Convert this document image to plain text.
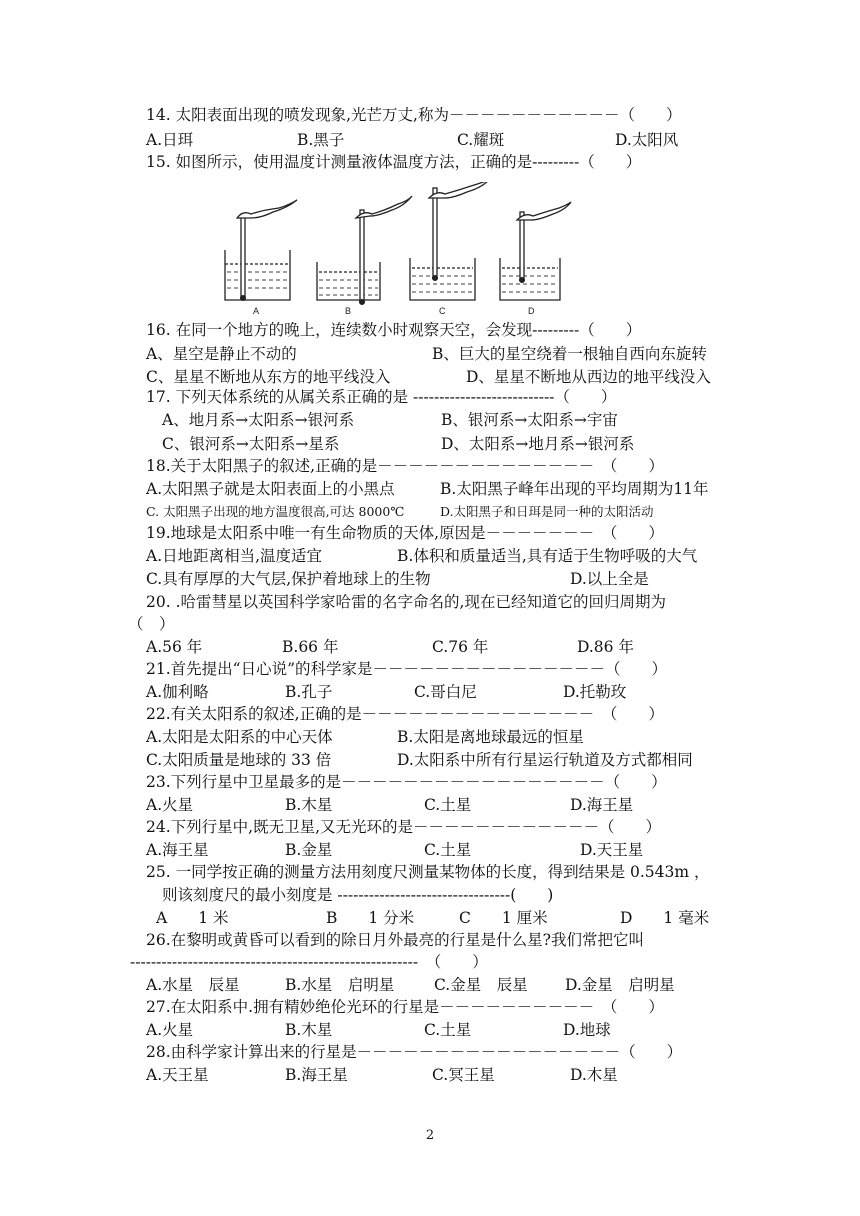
14. 太阳表面出现的喷发现象,光芒万丈,称为－－－－－－－－－－－（　　）
A.日珥	B.黑子	C.耀斑	D.太阳风
15. 如图所示，使用温度计测量液体温度方法，正确的是---------（　　）
A	B	C	D
16. 在同一个地方的晚上，连续数小时观察天空，会发现---------（　　）
A、星空是静止不动的	B、巨大的星空绕着一根轴自西向东旋转
C、星星不断地从东方的地平线没入	D、星星不断地从西边的地平线没入
17. 下列天体系统的从属关系正确的是 ---------------------------（　　）
A、地月系→太阳系→银河系	B、银河系→太阳系→宇宙
C、银河系→太阳系→星系	D、太阳系→地月系→银河系
18.关于太阳黑子的叙述,正确的是－－－－－－－－－－－－－－　（　　）
A.太阳黑子就是太阳表面上的小黑点	B.太阳黑子峰年出现的平均周期为11年
C. 太阳黑子出现的地方温度很高,可达 8000℃	D.太阳黑子和日珥是同一种的太阳活动
19.地球是太阳系中唯一有生命物质的天体,原因是－－－－－－－　（　　）
A.日地距离相当,温度适宜	B.体积和质量适当,具有适于生物呼吸的大气
C.具有厚厚的大气层,保护着地球上的生物	D.以上全是
20. .哈雷彗星以英国科学家哈雷的名字命名的,现在已经知道它的回归周期为
（　）
A.56 年	B.66 年	C.76 年	D.86 年
21.首先提出“日心说”的科学家是－－－－－－－－－－－－－－－（　　）
A.伽利略	B.孔子	C.哥白尼	D.托勒玫
22.有关太阳系的叙述,正确的是－－－－－－－－－－－－－－－　（　　）
A.太阳是太阳系的中心天体	B.太阳是离地球最远的恒星
C.太阳质量是地球的 33 倍	D.太阳系中所有行星运行轨道及方式都相同
23.下列行星中卫星最多的是－－－－－－－－－－－－－－－－－（　　）
A.火星	B.木星	C.土星	D.海王星
24.下列行星中,既无卫星,又无光环的是－－－－－－－－－－－－（　　）
A.海王星	B.金星	C.土星	D.天王星
25. 一同学按正确的测量方法用刻度尺测量某物体的长度，得到结果是 0.543m ，
则该刻度尺的最小刻度是 ---------------------------------(　　)
A　　1 米	B　　1 分米	C　　1 厘米	D　　1 毫米
26.在黎明或黄昏可以看到的除日月外最亮的行星是什么星?我们常把它叫
-------------------------------------------------------　（　　）
A.水星　辰星	B.水星　启明星	C.金星　辰星 D.金星　启明星
27.在太阳系中.拥有精妙绝伦光环的行星是－－－－－－－－－－　（　　）
A.火星	B.木星	C.土星	D.地球
28.由科学家计算出来的行星是－－－－－－－－－－－－－－－－－（　　）
A.天王星	B.海王星	C.冥王星	D.木星
2
